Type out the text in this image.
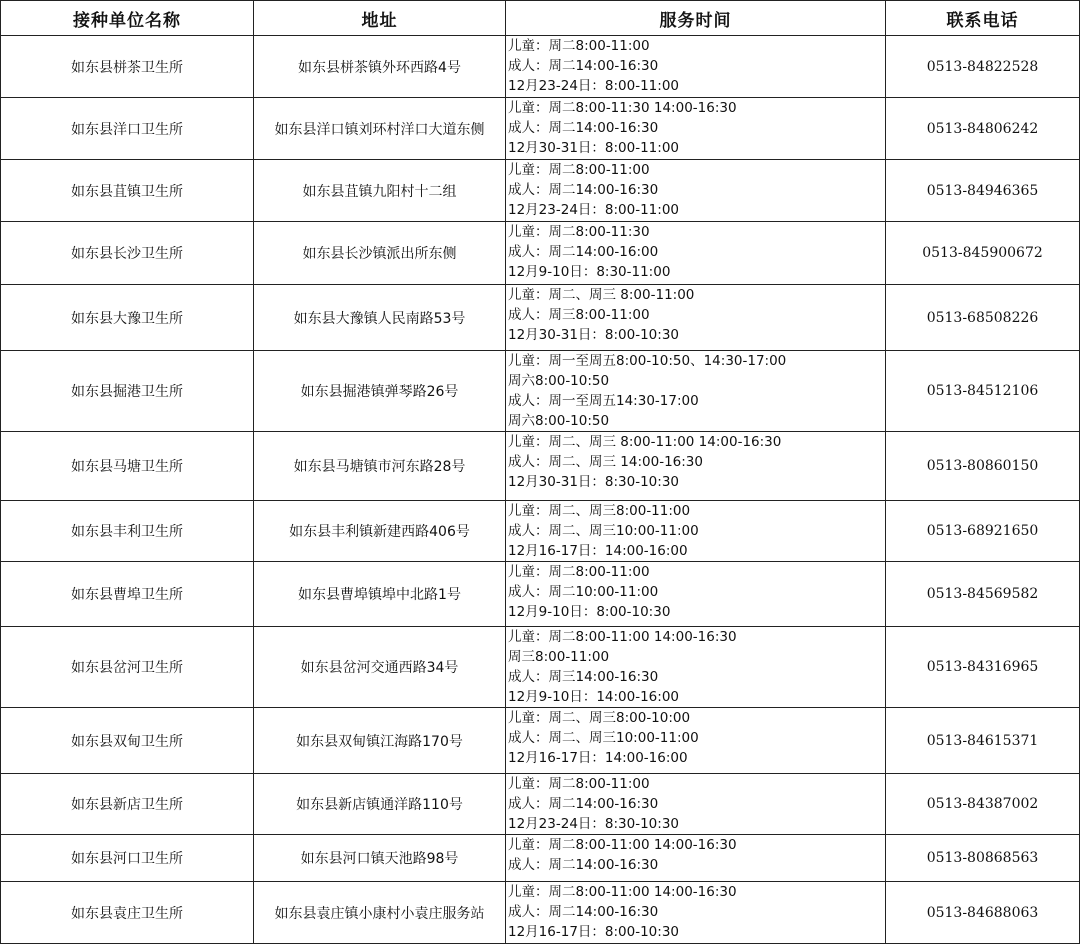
接种单位名称	地址	服务时间	联系电话
如东县栟茶卫生所	如东县栟茶镇外环西路4号	儿童：周二8:00-11:00
成人：周二14:00-16:30
12月23-24日：8:00-11:00	0513-84822528
如东县洋口卫生所	如东县洋口镇刘环村洋口大道东侧	儿童：周二8:00-11:30 14:00-16:30
成人：周二14:00-16:30
12月30-31日：8:00-11:00	0513-84806242
如东县苴镇卫生所	如东县苴镇九阳村十二组	儿童：周二8:00-11:00
成人：周二14:00-16:30
12月23-24日：8:00-11:00	0513-84946365
如东县长沙卫生所	如东县长沙镇派出所东侧	儿童：周二8:00-11:30
成人：周二14:00-16:00
12月9-10日：8:30-11:00	0513-845900672
如东县大豫卫生所	如东县大豫镇人民南路53号	儿童：周二、周三 8:00-11:00
成人：周三8:00-11:00
12月30-31日：8:00-10:30	0513-68508226
如东县掘港卫生所	如东县掘港镇弹琴路26号	儿童：周一至周五8:00-10:50、14:30-17:00
周六8:00-10:50
成人：周一至周五14:30-17:00
周六8:00-10:50	0513-84512106
如东县马塘卫生所	如东县马塘镇市河东路28号	儿童：周二、周三 8:00-11:00 14:00-16:30
成人：周二、周三 14:00-16:30
12月30-31日：8:30-10:30	0513-80860150
如东县丰利卫生所	如东县丰利镇新建西路406号	儿童：周二、周三8:00-11:00
成人：周二、周三10:00-11:00
12月16-17日：14:00-16:00	0513-68921650
如东县曹埠卫生所	如东县曹埠镇埠中北路1号	儿童：周二8:00-11:00
成人：周二10:00-11:00
12月9-10日：8:00-10:30	0513-84569582
如东县岔河卫生所	如东县岔河交通西路34号	儿童：周二8:00-11:00 14:00-16:30
周三8:00-11:00
成人：周三14:00-16:30
12月9-10日：14:00-16:00	0513-84316965
如东县双甸卫生所	如东县双甸镇江海路170号	儿童：周二、周三8:00-10:00
成人：周二、周三10:00-11:00
12月16-17日：14:00-16:00	0513-84615371
如东县新店卫生所	如东县新店镇通洋路110号	儿童：周二8:00-11:00
成人：周二14:00-16:30
12月23-24日：8:30-10:30	0513-84387002
如东县河口卫生所	如东县河口镇天池路98号	儿童：周二8:00-11:00 14:00-16:30
成人：周二14:00-16:30	0513-80868563
如东县袁庄卫生所	如东县袁庄镇小康村小袁庄服务站	儿童：周二8:00-11:00 14:00-16:30
成人：周二14:00-16:30
12月16-17日：8:00-10:30	0513-84688063
